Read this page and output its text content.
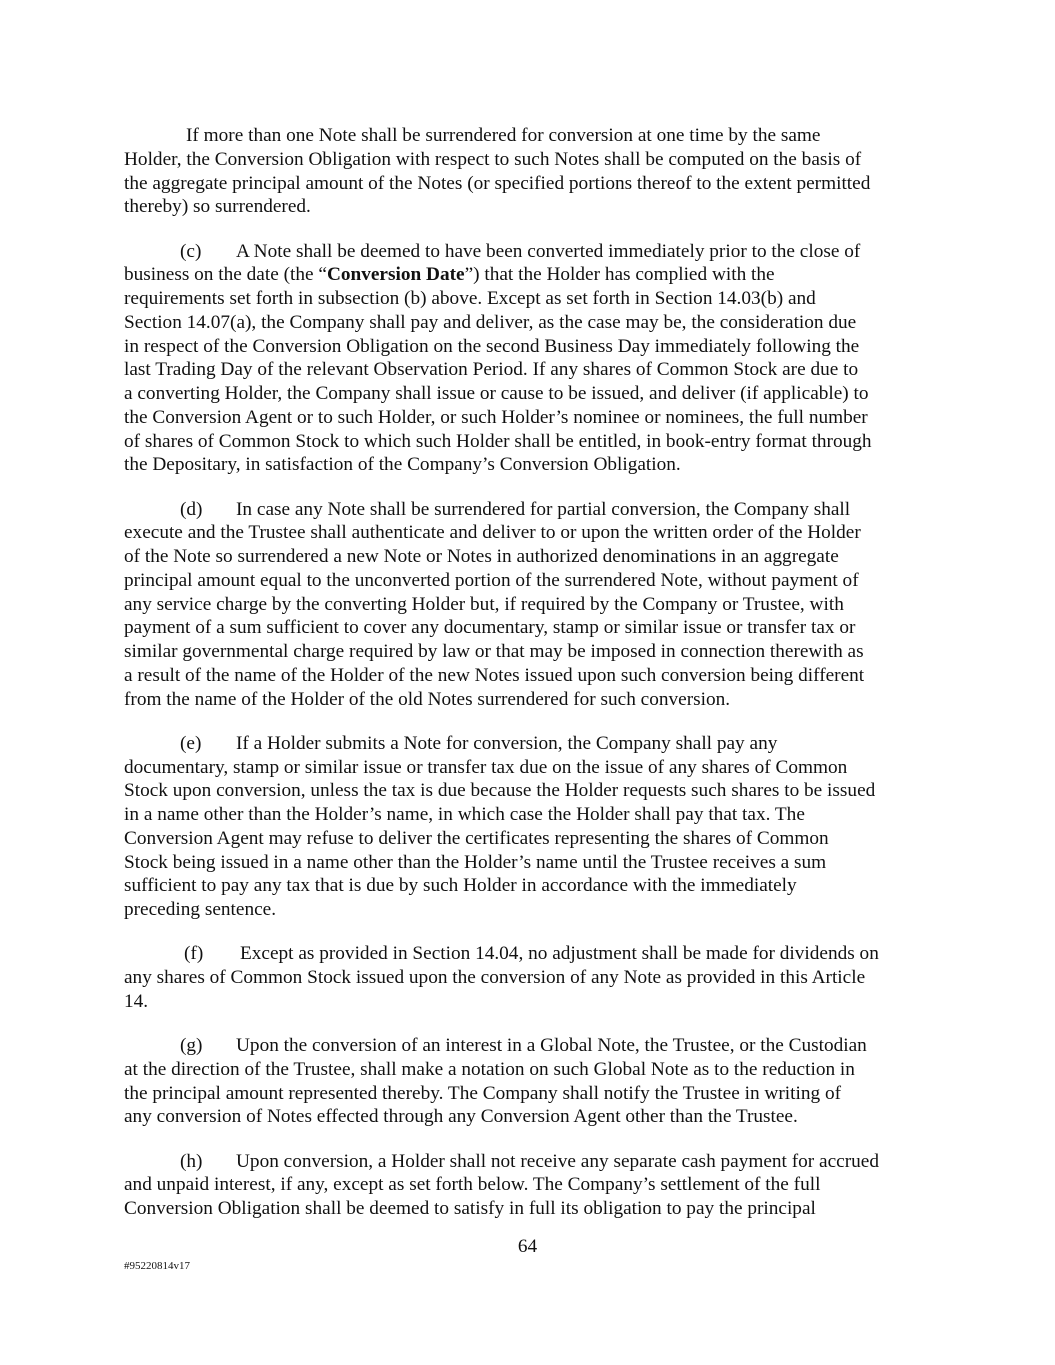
If more than one Note shall be surrendered for conversion at one time by the same
Holder, the Conversion Obligation with respect to such Notes shall be computed on the basis of
the aggregate principal amount of the Notes (or specified portions thereof to the extent permitted
thereby) so surrendered.
(c) A Note shall be deemed to have been converted immediately prior to the close of
business on the date (the “Conversion Date”) that the Holder has complied with the
requirements set forth in subsection (b) above. Except as set forth in Section 14.03(b) and
Section 14.07(a), the Company shall pay and deliver, as the case may be, the consideration due
in respect of the Conversion Obligation on the second Business Day immediately following the
last Trading Day of the relevant Observation Period. If any shares of Common Stock are due to
a converting Holder, the Company shall issue or cause to be issued, and deliver (if applicable) to
the Conversion Agent or to such Holder, or such Holder’s nominee or nominees, the full number
of shares of Common Stock to which such Holder shall be entitled, in book-entry format through
the Depositary, in satisfaction of the Company’s Conversion Obligation.
(d) In case any Note shall be surrendered for partial conversion, the Company shall
execute and the Trustee shall authenticate and deliver to or upon the written order of the Holder
of the Note so surrendered a new Note or Notes in authorized denominations in an aggregate
principal amount equal to the unconverted portion of the surrendered Note, without payment of
any service charge by the converting Holder but, if required by the Company or Trustee, with
payment of a sum sufficient to cover any documentary, stamp or similar issue or transfer tax or
similar governmental charge required by law or that may be imposed in connection therewith as
a result of the name of the Holder of the new Notes issued upon such conversion being different
from the name of the Holder of the old Notes surrendered for such conversion.
(e) If a Holder submits a Note for conversion, the Company shall pay any
documentary, stamp or similar issue or transfer tax due on the issue of any shares of Common
Stock upon conversion, unless the tax is due because the Holder requests such shares to be issued
in a name other than the Holder’s name, in which case the Holder shall pay that tax. The
Conversion Agent may refuse to deliver the certificates representing the shares of Common
Stock being issued in a name other than the Holder’s name until the Trustee receives a sum
sufficient to pay any tax that is due by such Holder in accordance with the immediately
preceding sentence.
(f) Except as provided in Section 14.04, no adjustment shall be made for dividends on
any shares of Common Stock issued upon the conversion of any Note as provided in this Article
14.
(g) Upon the conversion of an interest in a Global Note, the Trustee, or the Custodian
at the direction of the Trustee, shall make a notation on such Global Note as to the reduction in
the principal amount represented thereby. The Company shall notify the Trustee in writing of
any conversion of Notes effected through any Conversion Agent other than the Trustee.
(h) Upon conversion, a Holder shall not receive any separate cash payment for accrued
and unpaid interest, if any, except as set forth below. The Company’s settlement of the full
Conversion Obligation shall be deemed to satisfy in full its obligation to pay the principal
64
#95220814v17
